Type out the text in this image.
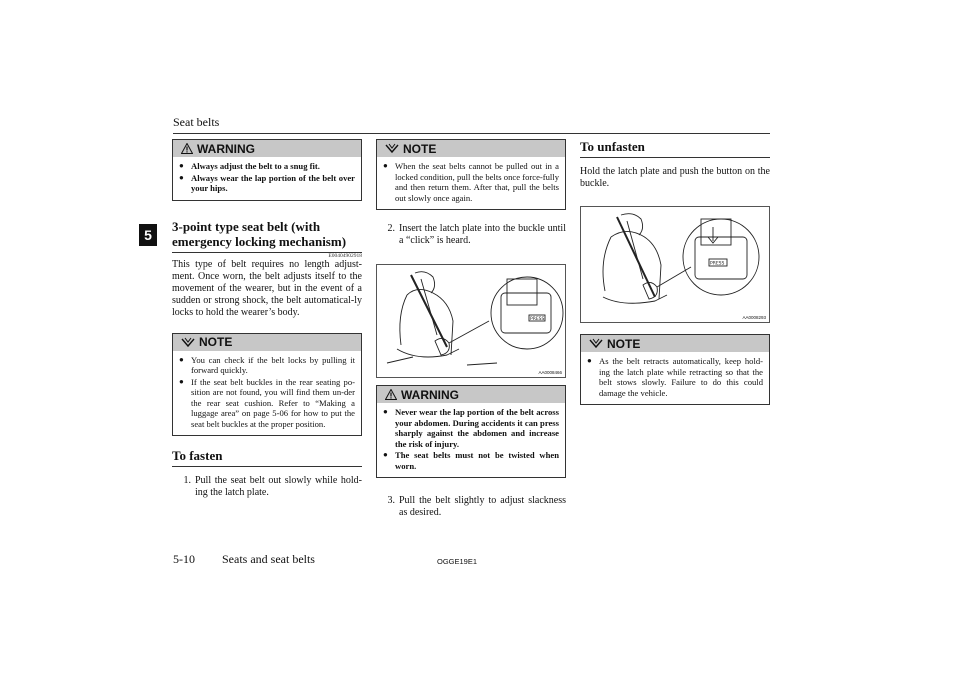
Seat belts
5
WARNING
● Always adjust the belt to a snug fit.
● Always wear the lap portion of the belt over your hips.
3-point type seat belt (with emergency locking mechanism)
E00404902918
This type of belt requires no length adjust-ment. Once worn, the belt adjusts itself to the movement of the wearer, but in the event of a sudden or strong shock, the belt automatical-ly locks to hold the wearer’s body.
NOTE
● You can check if the belt locks by pulling it forward quickly.
● If the seat belt buckles in the rear seating po-sition are not found, you will find them un-der the rear seat cushion. Refer to “Making a luggage area” on page 5-06 for how to put the seat belt buckles at the proper position.
To fasten
1. Pull the seat belt out slowly while hold-ing the latch plate.
NOTE
● When the seat belts cannot be pulled out in a locked condition, pull the belts once force-fully and then return them. After that, pull the belts out slowly once again.
2. Insert the latch plate into the buckle until a “click” is heard.
PRESS
AA0008466
WARNING
● Never wear the lap portion of the belt across your abdomen. During accidents it can press sharply against the abdomen and increase the risk of injury.
● The seat belts must not be twisted when worn.
3. Pull the belt slightly to adjust slackness as desired.
To unfasten
Hold the latch plate and push the button on the buckle.
PRESS
AA0008293
NOTE
● As the belt retracts automatically, keep hold-ing the latch plate while retracting so that the belt stows slowly. Failure to do this could damage the vehicle.
5-10 Seats and seat belts	OGGE19E1
